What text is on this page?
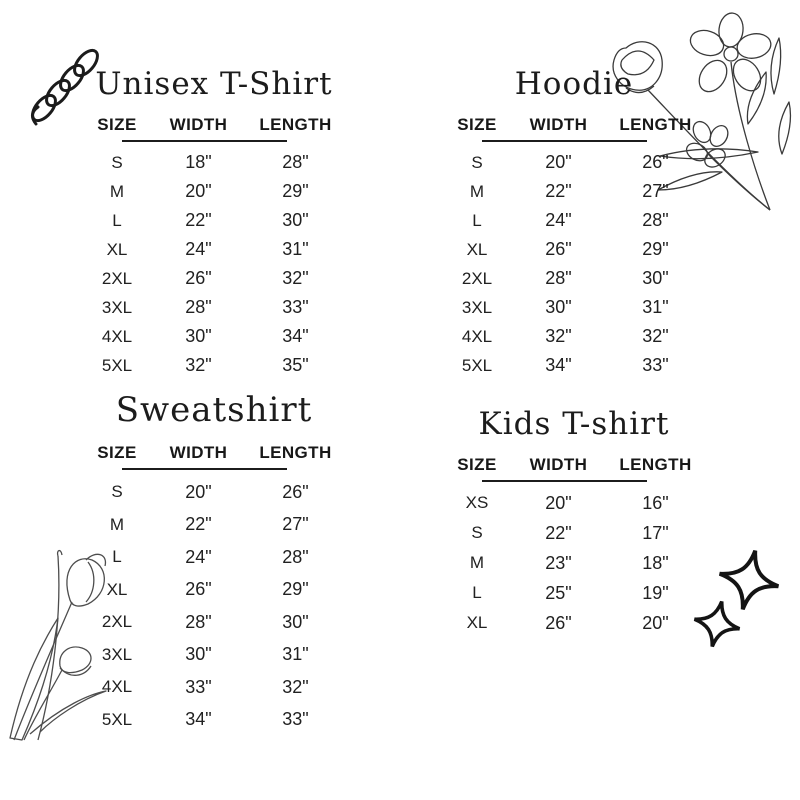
Unisex T-Shirt
SIZE	WIDTH	LENGTH
S	18"	28"
M	20"	29"
L	22"	30"
XL	24"	31"
2XL	26"	32"
3XL	28"	33"
4XL	30"	34"
5XL	32"	35"
Hoodie
SIZE	WIDTH	LENGTH
S	20"	26"
M	22"	27"
L	24"	28"
XL	26"	29"
2XL	28"	30"
3XL	30"	31"
4XL	32"	32"
5XL	34"	33"
Sweatshirt
SIZE	WIDTH	LENGTH
S	20"	26"
M	22"	27"
L	24"	28"
XL	26"	29"
2XL	28"	30"
3XL	30"	31"
4XL	33"	32"
5XL	34"	33"
Kids T-shirt
SIZE	WIDTH	LENGTH
XS	20"	16"
S	22"	17"
M	23"	18"
L	25"	19"
XL	26"	20"
